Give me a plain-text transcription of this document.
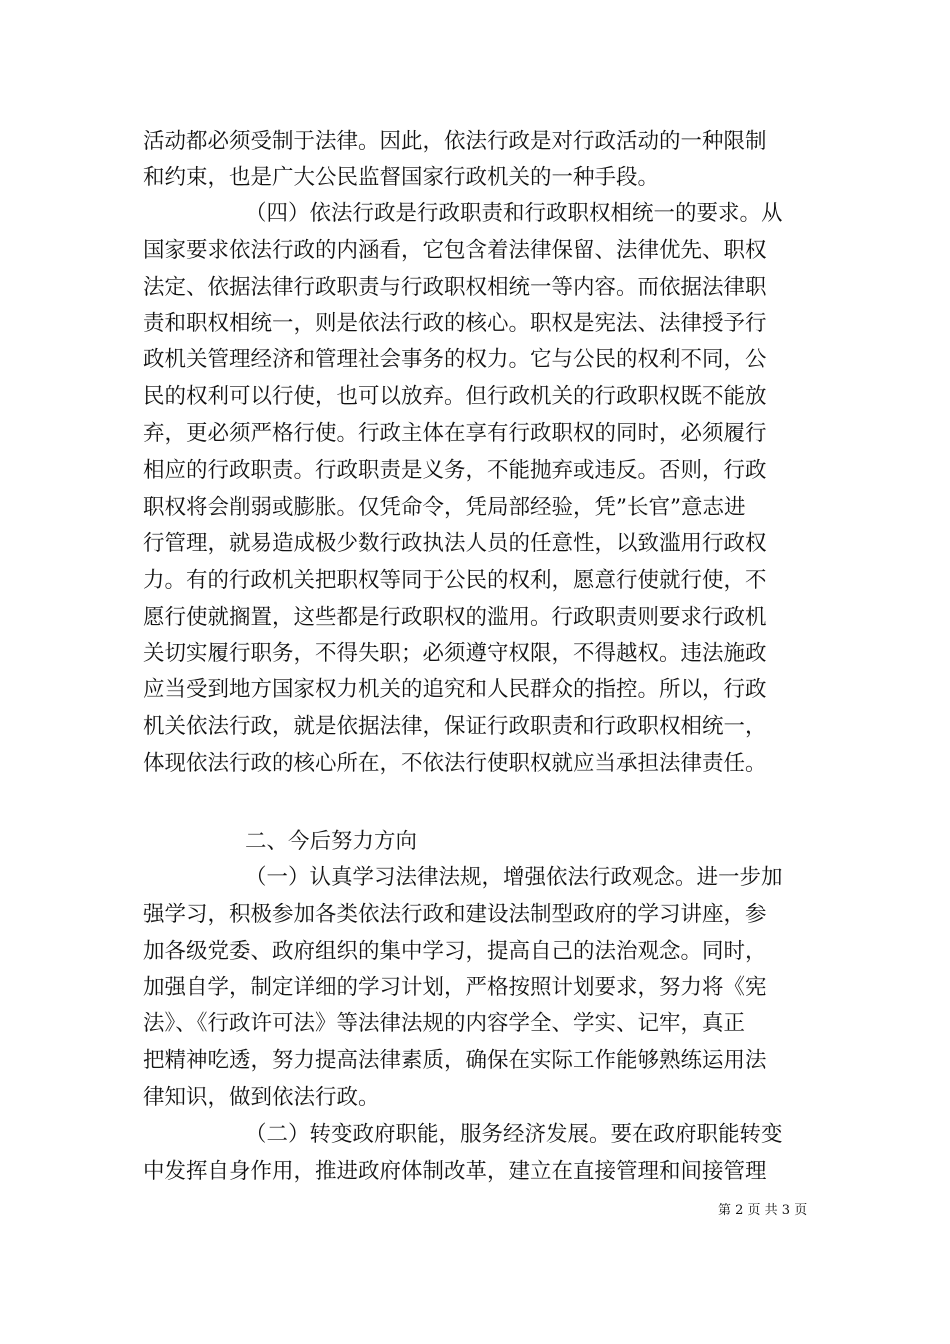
活动都必须受制于法律。因此，依法行政是对行政活动的一种限制
和约束，也是广大公民监督国家行政机关的一种手段。
（四）依法行政是行政职责和行政职权相统一的要求。从
国家要求依法行政的内涵看，它包含着法律保留、法律优先、职权
法定、依据法律行政职责与行政职权相统一等内容。而依据法律职
责和职权相统一，则是依法行政的核心。职权是宪法、法律授予行
政机关管理经济和管理社会事务的权力。它与公民的权利不同，公
民的权利可以行使，也可以放弃。但行政机关的行政职权既不能放
弃，更必须严格行使。行政主体在享有行政职权的同时，必须履行
相应的行政职责。行政职责是义务，不能抛弃或违反。否则，行政
职权将会削弱或膨胀。仅凭命令，凭局部经验，凭”长官”意志进
行管理，就易造成极少数行政执法人员的任意性，以致滥用行政权
力。有的行政机关把职权等同于公民的权利，愿意行使就行使，不
愿行使就搁置，这些都是行政职权的滥用。行政职责则要求行政机
关切实履行职务，不得失职；必须遵守权限，不得越权。违法施政
应当受到地方国家权力机关的追究和人民群众的指控。所以，行政
机关依法行政，就是依据法律，保证行政职责和行政职权相统一，
体现依法行政的核心所在，不依法行使职权就应当承担法律责任。
二、今后努力方向
（一）认真学习法律法规，增强依法行政观念。进一步加
强学习，积极参加各类依法行政和建设法制型政府的学习讲座，参
加各级党委、政府组织的集中学习，提高自己的法治观念。同时，
加强自学，制定详细的学习计划，严格按照计划要求，努力将《宪
法》、《行政许可法》等法律法规的内容学全、学实、记牢，真正
把精神吃透，努力提高法律素质，确保在实际工作能够熟练运用法
律知识，做到依法行政。
（二）转变政府职能，服务经济发展。要在政府职能转变
中发挥自身作用，推进政府体制改革，建立在直接管理和间接管理
第 2 页 共 3 页
